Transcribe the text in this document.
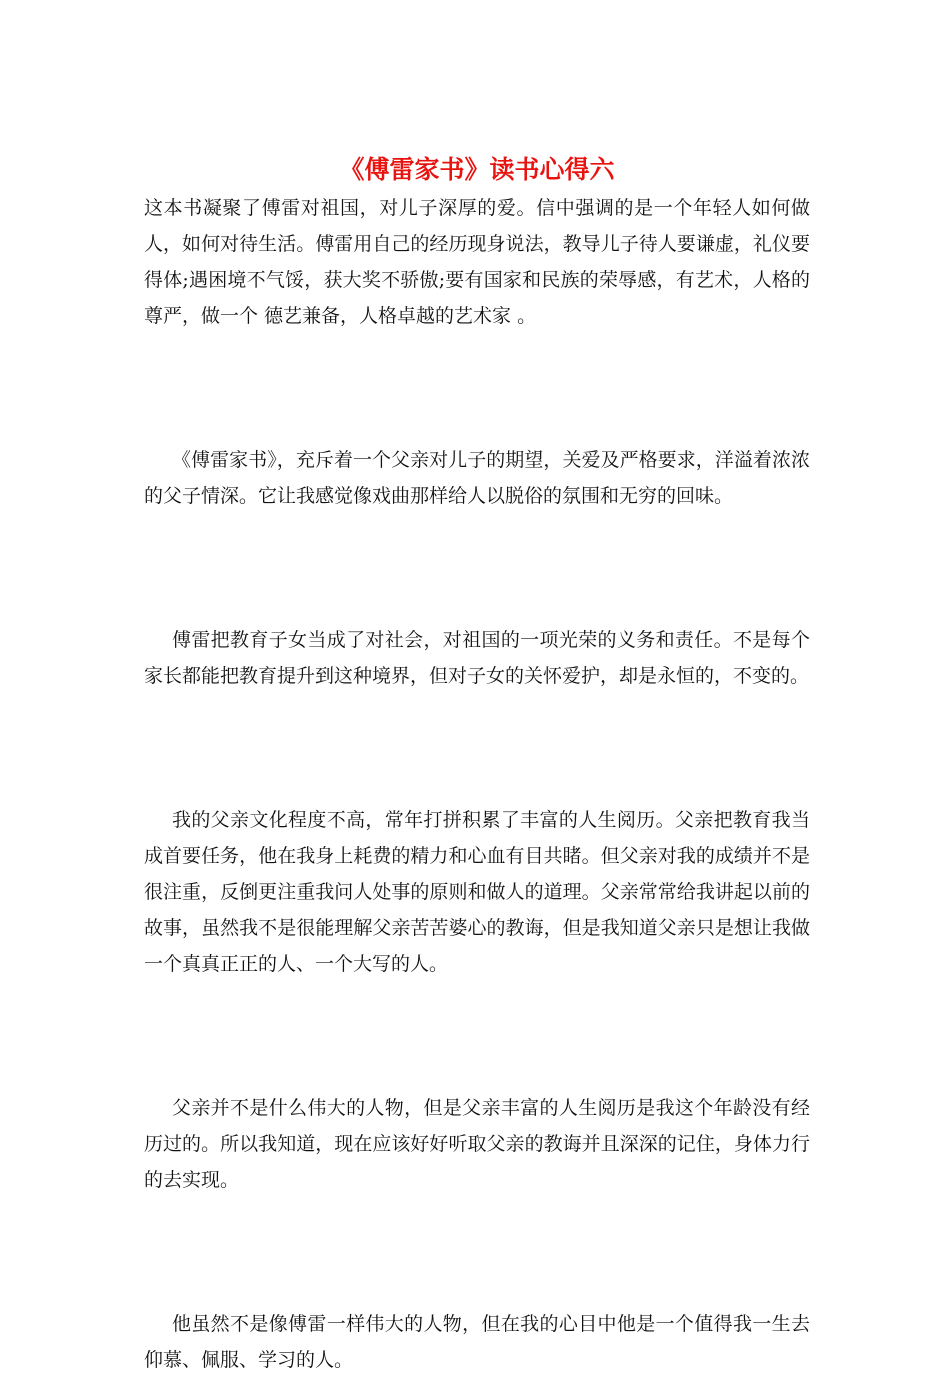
《傅雷家书》读书心得六

这本书凝聚了傅雷对祖国，对儿子深厚的爱。信中强调的是一个年轻人如何做人，如何对待生活。傅雷用自己的经历现身说法，教导儿子待人要谦虚，礼仪要得体;遇困境不气馁，获大奖不骄傲;要有国家和民族的荣辱感，有艺术，人格的尊严，做一个 德艺兼备，人格卓越的艺术家 。

《傅雷家书》，充斥着一个父亲对儿子的期望，关爱及严格要求，洋溢着浓浓的父子情深。它让我感觉像戏曲那样给人以脱俗的氛围和无穷的回味。

傅雷把教育子女当成了对社会，对祖国的一项光荣的义务和责任。不是每个家长都能把教育提升到这种境界，但对子女的关怀爱护，却是永恒的，不变的。

我的父亲文化程度不高，常年打拼积累了丰富的人生阅历。父亲把教育我当成首要任务，他在我身上耗费的精力和心血有目共睹。但父亲对我的成绩并不是很注重，反倒更注重我问人处事的原则和做人的道理。父亲常常给我讲起以前的故事，虽然我不是很能理解父亲苦苦婆心的教诲，但是我知道父亲只是想让我做一个真真正正的人、一个大写的人。

父亲并不是什么伟大的人物，但是父亲丰富的人生阅历是我这个年龄没有经历过的。所以我知道，现在应该好好听取父亲的教诲并且深深的记住，身体力行的去实现。

他虽然不是像傅雷一样伟大的人物，但在我的心目中他是一个值得我一生去仰慕、佩服、学习的人。
